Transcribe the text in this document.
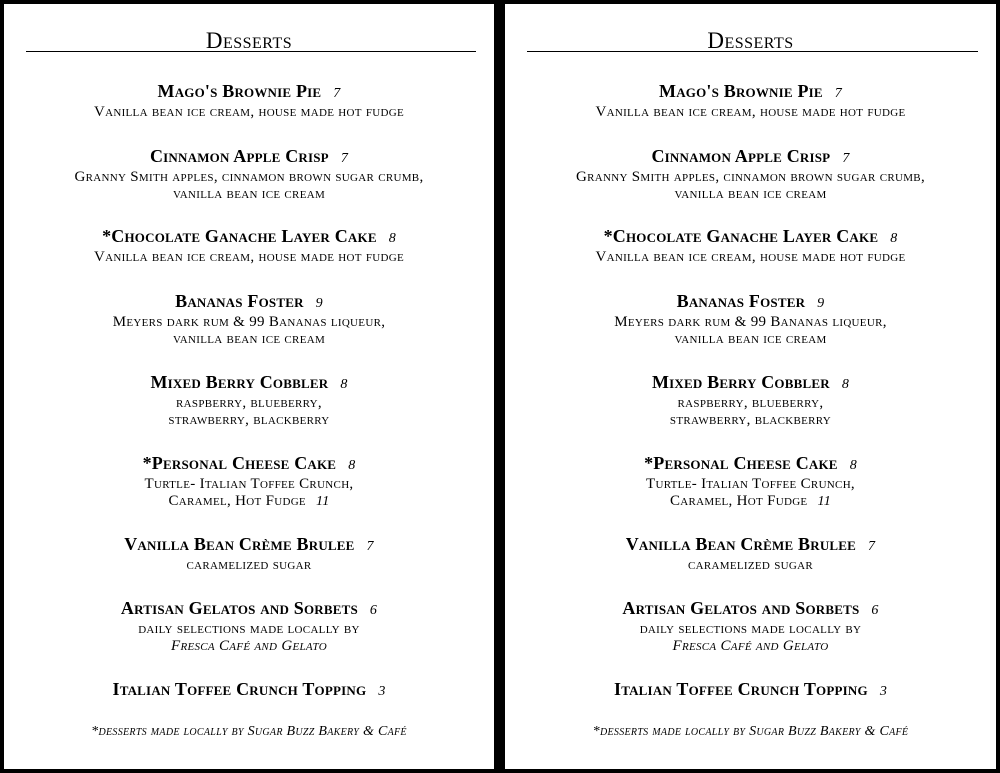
Desserts
Mago's Brownie Pie 7
Vanilla bean ice cream, house made hot fudge
Cinnamon Apple Crisp 7
Granny Smith apples, cinnamon brown sugar crumb,
vanilla bean ice cream
*Chocolate Ganache Layer Cake 8
Vanilla bean ice cream, house made hot fudge
Bananas Foster 9
Meyers dark rum & 99 Bananas liqueur,
vanilla bean ice cream
Mixed Berry Cobbler 8
raspberry, blueberry,
strawberry, blackberry
*Personal Cheese Cake 8
Turtle- Italian Toffee Crunch,
Caramel, Hot Fudge 11
Vanilla Bean Crème Brulee 7
caramelized sugar
Artisan Gelatos and Sorbets 6
daily selections made locally by
Fresca Café and Gelato
Italian Toffee Crunch Topping 3
*desserts made locally by Sugar Buzz Bakery & Café
Desserts
Mago's Brownie Pie 7
Vanilla bean ice cream, house made hot fudge
Cinnamon Apple Crisp 7
Granny Smith apples, cinnamon brown sugar crumb,
vanilla bean ice cream
*Chocolate Ganache Layer Cake 8
Vanilla bean ice cream, house made hot fudge
Bananas Foster 9
Meyers dark rum & 99 Bananas liqueur,
vanilla bean ice cream
Mixed Berry Cobbler 8
raspberry, blueberry,
strawberry, blackberry
*Personal Cheese Cake 8
Turtle- Italian Toffee Crunch,
Caramel, Hot Fudge 11
Vanilla Bean Crème Brulee 7
caramelized sugar
Artisan Gelatos and Sorbets 6
daily selections made locally by
Fresca Café and Gelato
Italian Toffee Crunch Topping 3
*desserts made locally by Sugar Buzz Bakery & Café
